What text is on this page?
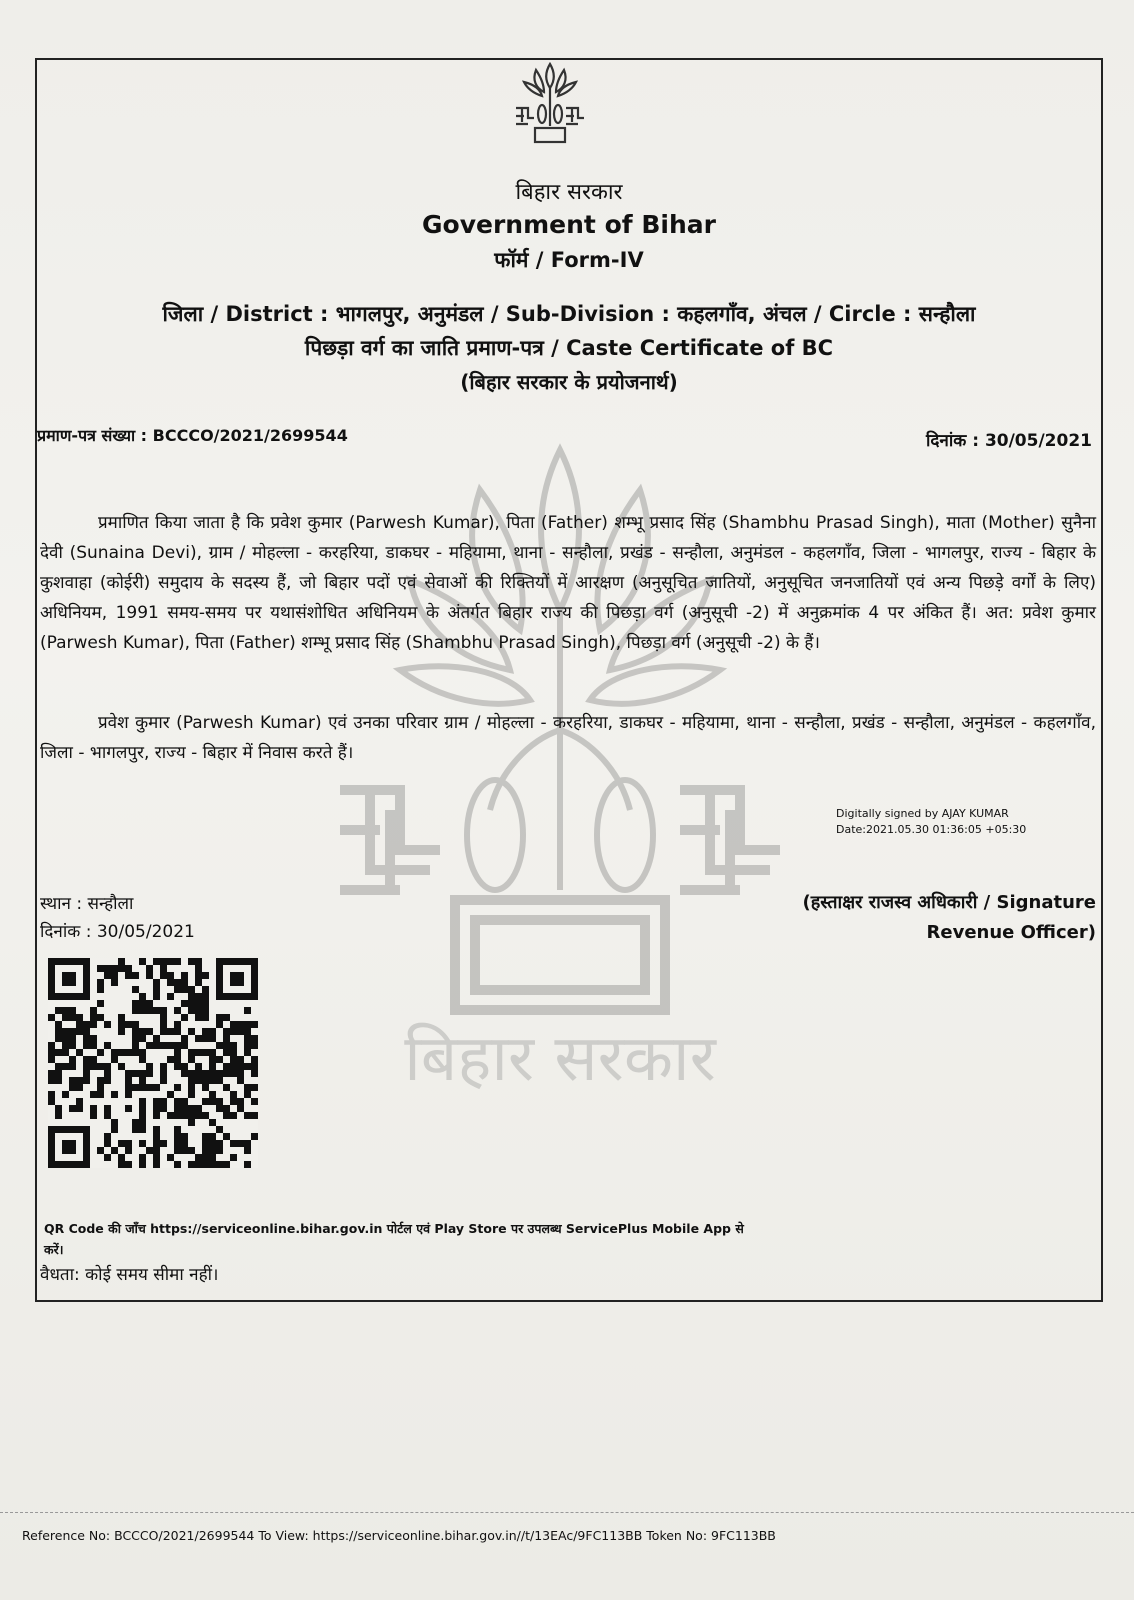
बिहार सरकार
बिहार सरकार
Government of Bihar
फॉर्म / Form-IV
जिला / District : भागलपुर, अनुमंडल / Sub-Division : कहलगाँव, अंचल / Circle : सन्हौला
पिछड़ा वर्ग का जाति प्रमाण-पत्र / Caste Certificate of BC
(बिहार सरकार के प्रयोजनार्थ)
प्रमाण-पत्र संख्या : BCCCO/2021/2699544	दिनांक : 30/05/2021
प्रमाणित किया जाता है कि प्रवेश कुमार (Parwesh Kumar), पिता (Father) शम्भू प्रसाद सिंह (Shambhu Prasad Singh), माता (Mother) सुनैना देवी (Sunaina Devi), ग्राम / मोहल्ला - करहरिया, डाकघर - महियामा, थाना - सन्हौला, प्रखंड - सन्हौला, अनुमंडल - कहलगाँव, जिला - भागलपुर, राज्य - बिहार के कुशवाहा (कोईरी) समुदाय के सदस्य हैं, जो बिहार पदों एवं सेवाओं की रिक्तियों में आरक्षण (अनुसूचित जातियों, अनुसूचित जनजातियों एवं अन्य पिछड़े वर्गों के लिए) अधिनियम, 1991 समय-समय पर यथासंशोधित अधिनियम के अंतर्गत बिहार राज्य की पिछड़ा वर्ग (अनुसूची -2) में अनुक्रमांक 4 पर अंकित हैं। अत: प्रवेश कुमार (Parwesh Kumar), पिता (Father) शम्भू प्रसाद सिंह (Shambhu Prasad Singh), पिछड़ा वर्ग (अनुसूची -2) के हैं।
प्रवेश कुमार (Parwesh Kumar) एवं उनका परिवार ग्राम / मोहल्ला - करहरिया, डाकघर - महियामा, थाना - सन्हौला, प्रखंड - सन्हौला, अनुमंडल - कहलगाँव, जिला - भागलपुर, राज्य - बिहार में निवास करते हैं।
Digitally signed by AJAY KUMAR
Date:2021.05.30 01:36:05 +05:30
(हस्ताक्षर राजस्व अधिकारी / Signature
Revenue Officer)
स्थान : सन्हौला
दिनांक : 30/05/2021
QR Code की जाँच https://serviceonline.bihar.gov.in पोर्टल एवं Play Store पर उपलब्ध ServicePlus Mobile App से करें।
वैधता: कोई समय सीमा नहीं।
Reference No: BCCCO/2021/2699544 To View: https://serviceonline.bihar.gov.in//t/13EAc/9FC113BB Token No: 9FC113BB
